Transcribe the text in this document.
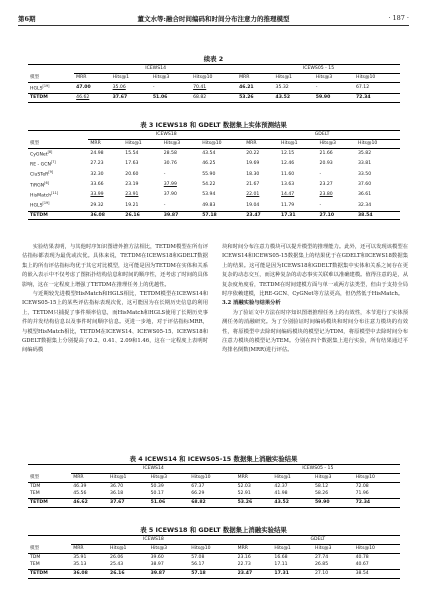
第6期	董文水等:融合时间编码和时间分布注意力的推理模型	· 187 ·
续表 2
	ICEWS14				ICEWS05 - 15			
模型	MRR	Hits@1	Hits@3	Hits@10	MRR	Hits@1	Hits@3	Hits@10
HGLS[19]	47.00	35.06	-	70.41	46.21	35.32	-	67.12
TETDM	46.62	37.67	51.06	68.82	53.26	43.52	59.90	72.34
表 3 ICEWS18 和 GDELT 数据集上实体预测结果
	ICEWS18				GDELT			
模型	MRR	Hits@1	Hits@3	Hits@10	MRR	Hits@1	Hits@3	Hits@10
CyGNet[8]	24.98	15.54	28.58	43.54	20.22	12.15	21.66	35.82
RE - GCN[7]	27.23	17.63	30.76	46.25	19.69	12.46	20.93	33.81
CluSTeR[9]	32.30	20.60	-	55.90	18.30	11.60	-	33.50
TiRGN[6]	33.66	23.19	37.99	54.22	21.67	13.63	23.27	37.60
HisMatch[11]	33.99	23.91	37.90	53.94	22.01	14.47	23.80	36.61
HGLS[19]	29.32	19.21	-	49.83	19.04	11.79	-	32.34
TETDM	36.08	26.16	39.87	57.18	23.47	17.31	27.10	38.54

实验结果表明，与其他时序知识图谱外推方法相比，TETDM模型在所有评估指标都表现为最优或次优。具体来说，TETDM在ICEWS18和GDELT数据集上的所有评估指标均优于其它对比模型，这可能是因为TETDM在实体和关系的嵌入表示中不仅考虑了图拓扑结构信息和时间的顺序性，还考虑了时间的具体影响，这在一定程度上增强了TETDM在推理任务上的优越性。

与近期较先进模型HisMatch和HGLS相比，TETDM模型在ICEWS14和ICEWS05-15上的某些评估指标表现次优，这可能因为在长期历史信息的利用上，TETDM只捕捉了事件频率信息，而HisMatch和HGLS使用了长期历史事件的并发结构信息以及事件时间顺序信息。更进一步地，对于评估指标MRR，与模型HisMatch相比，TETDM在ICEWS14、ICEWS05-15、ICEWS18和GDELT数据集上分别提高了0.2、0.41、2.09和1.46，这在一定程度上表明时间编码模

块和时间分布注意力模块可以提升模型的推理能力。此外，还可以发现该模型在ICEWS14和ICEWS05-15数据集上的结果优于在GDELT和ICEWS18数据集上的结果。这可能是因为ICEWS18和GDELT数据集中实体和关系之间存在更复杂的动态交互，而这种复杂的动态事实关联难以准确建模。值得注意的是，从复杂度角度看，TETDM在时间建模方面与单一或两方法类型，但由于支持全局时序依赖建模，比RE-GCN、CyGNet等方法更高，但仍然低于HisMatch。

3.2 消融实验与结果分析

为了验证文中方法在时序知识图谱推理任务上的有效性，本节进行了实体预测任务的消融研究。为了分别验证时间编码模块和时间分布注意力模块的有效性，将原模型中去除时间编码模块的模型记为TDM，将原模型中去除时间分布注意力模块的模型记为TEM。分别在四个数据集上进行实验，所有结果通过平均排名倒数(MRR)进行评估。

表 4 ICEWS14 和 ICEWS05-15 数据集上消融实验结果
	ICEWS14				ICEWS05 - 15			
模型	MRR	Hits@1	Hits@3	Hits@10	MRR	Hits@1	Hits@3	Hits@10
TDM	46.39	36.70	50.39	67.37	52.03	42.37	58.12	72.08
TEM	45.56	36.18	50.17	66.29	52.91	41.98	58.26	71.96
TETDM	46.62	37.67	51.06	68.82	53.26	43.52	59.90	72.34
表 5 ICEWS18 和 GDELT 数据集上消融实验结果
	ICEWS18				GDELT			
模型	MRR	Hits@1	Hits@3	Hits@10	MRR	Hits@1	Hits@3	Hits@10
TDM	35.91	26.06	39.60	57.08	23.16	16.68	27.74	40.78
TEM	35.13	25.43	38.97	56.17	22.73	17.11	26.85	40.67
TETDM	36.08	26.16	39.87	57.18	23.47	17.31	27.10	38.54
